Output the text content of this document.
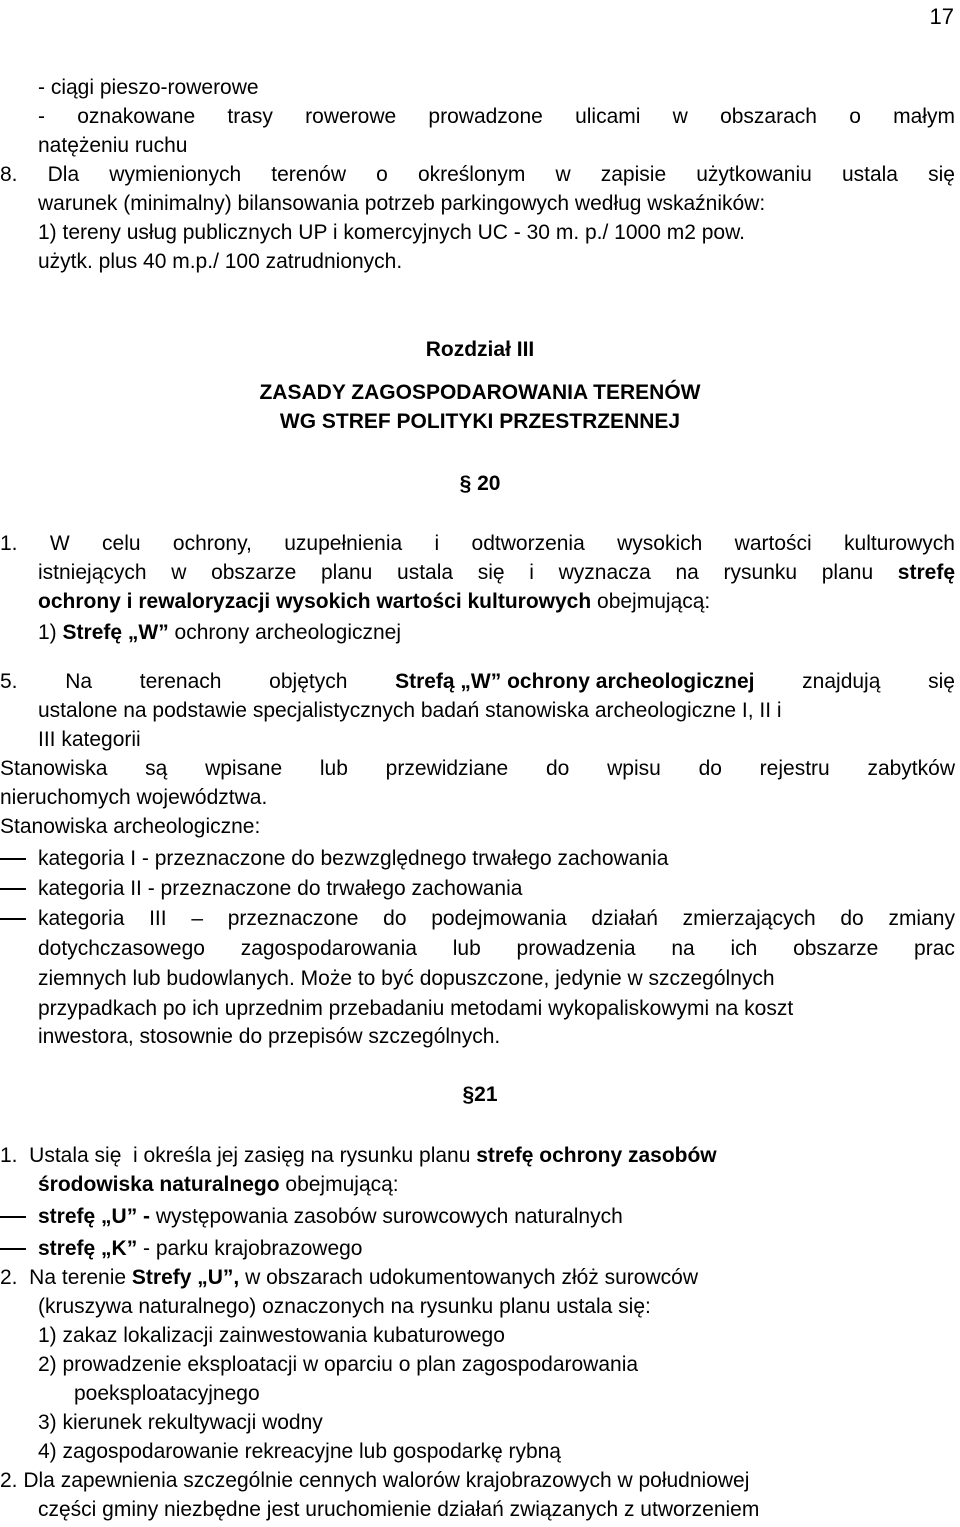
17
- ciągi pieszo-rowerowe
- oznakowane trasy rowerowe prowadzone ulicami w obszarach o małym
natężeniu ruchu
8. Dla wymienionych terenów o określonym w zapisie użytkowaniu ustala się
warunek (minimalny) bilansowania potrzeb parkingowych według wskaźników:
1) tereny usług publicznych UP i komercyjnych UC - 30 m. p./ 1000 m2 pow.
użytk. plus 40 m.p./ 100 zatrudnionych.
Rozdział III
ZASADY ZAGOSPODAROWANIA TERENÓW
WG STREF POLITYKI PRZESTRZENNEJ
§ 20
1. W celu ochrony, uzupełnienia i odtworzenia wysokich wartości kulturowych
istniejących w obszarze planu ustala się i wyznacza na rysunku planu strefę
ochrony i rewaloryzacji wysokich wartości kulturowych obejmującą:
1) Strefę „W” ochrony archeologicznej
5. Na terenach objętych Strefą „W” ochrony archeologicznej znajdują się
ustalone na podstawie specjalistycznych badań stanowiska archeologiczne I, II i
III kategorii
Stanowiska są wpisane lub przewidziane do wpisu do rejestru zabytków
nieruchomych województwa.
Stanowiska archeologiczne:
kategoria I - przeznaczone do bezwzględnego trwałego zachowania
kategoria II - przeznaczone do trwałego zachowania
kategoria III – przeznaczone do podejmowania działań zmierzających do zmiany
dotychczasowego zagospodarowania lub prowadzenia na ich obszarze prac
ziemnych lub budowlanych. Może to być dopuszczone, jedynie w szczególnych
przypadkach po ich uprzednim przebadaniu metodami wykopaliskowymi na koszt
inwestora, stosownie do przepisów szczególnych.
§21
1.  Ustala się  i określa jej zasięg na rysunku planu strefę ochrony zasobów
środowiska naturalnego obejmującą:
strefę „U” - występowania zasobów surowcowych naturalnych
strefę „K” - parku krajobrazowego
2.  Na terenie Strefy „U”, w obszarach udokumentowanych złóż surowców
(kruszywa naturalnego) oznaczonych na rysunku planu ustala się:
1) zakaz lokalizacji zainwestowania kubaturowego
2) prowadzenie eksploatacji w oparciu o plan zagospodarowania
poeksploatacyjnego
3) kierunek rekultywacji wodny
4) zagospodarowanie rekreacyjne lub gospodarkę rybną
2. Dla zapewnienia szczególnie cennych walorów krajobrazowych w południowej
części gminy niezbędne jest uruchomienie działań związanych z utworzeniem
